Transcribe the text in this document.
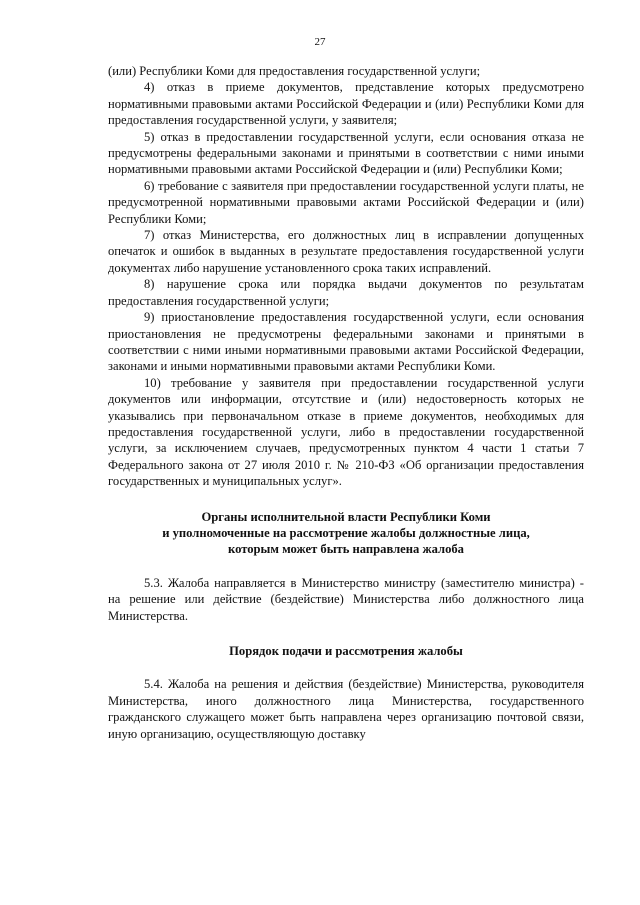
27

(или) Республики Коми для предоставления государственной услуги;

4) отказ в приеме документов, представление которых предусмотрено нормативными правовыми актами Российской Федерации и (или) Республики Коми для предоставления государственной услуги, у заявителя;

5) отказ в предоставлении государственной услуги, если основания отказа не предусмотрены федеральными законами и принятыми в соответствии с ними иными нормативными правовыми актами Российской Федерации и (или) Республики Коми;

6) требование с заявителя при предоставлении государственной услуги платы, не предусмотренной нормативными правовыми актами Российской Федерации и (или) Республики Коми;

7) отказ Министерства, его должностных лиц в исправлении допущенных опечаток и ошибок в выданных в результате предоставления государственной услуги документах либо нарушение установленного срока таких исправлений.

8) нарушение срока или порядка выдачи документов по результатам предоставления государственной услуги;

9) приостановление предоставления государственной услуги, если основания приостановления не предусмотрены федеральными законами и принятыми в соответствии с ними иными нормативными правовыми актами Российской Федерации, законами и иными нормативными правовыми актами Республики Коми.

10) требование у заявителя при предоставлении государственной услуги документов или информации, отсутствие и (или) недостоверность которых не указывались при первоначальном отказе в приеме документов, необходимых для предоставления государственной услуги, либо в предоставлении государственной услуги, за исключением случаев, предусмотренных пунктом 4 части 1 статьи 7 Федерального закона от 27 июля 2010 г. № 210-ФЗ «Об организации предоставления государственных и муниципальных услуг».

Органы исполнительной власти Республики Коми

и уполномоченные на рассмотрение жалобы должностные лица,

которым может быть направлена жалоба

5.3. Жалоба направляется в Министерство министру (заместителю министра) - на решение или действие (бездействие) Министерства либо должностного лица Министерства.

Порядок подачи и рассмотрения жалобы

5.4. Жалоба на решения и действия (бездействие) Министерства, руководителя Министерства, иного должностного лица Министерства, государственного гражданского служащего может быть направлена через организацию почтовой связи, иную организацию, осуществляющую доставку
